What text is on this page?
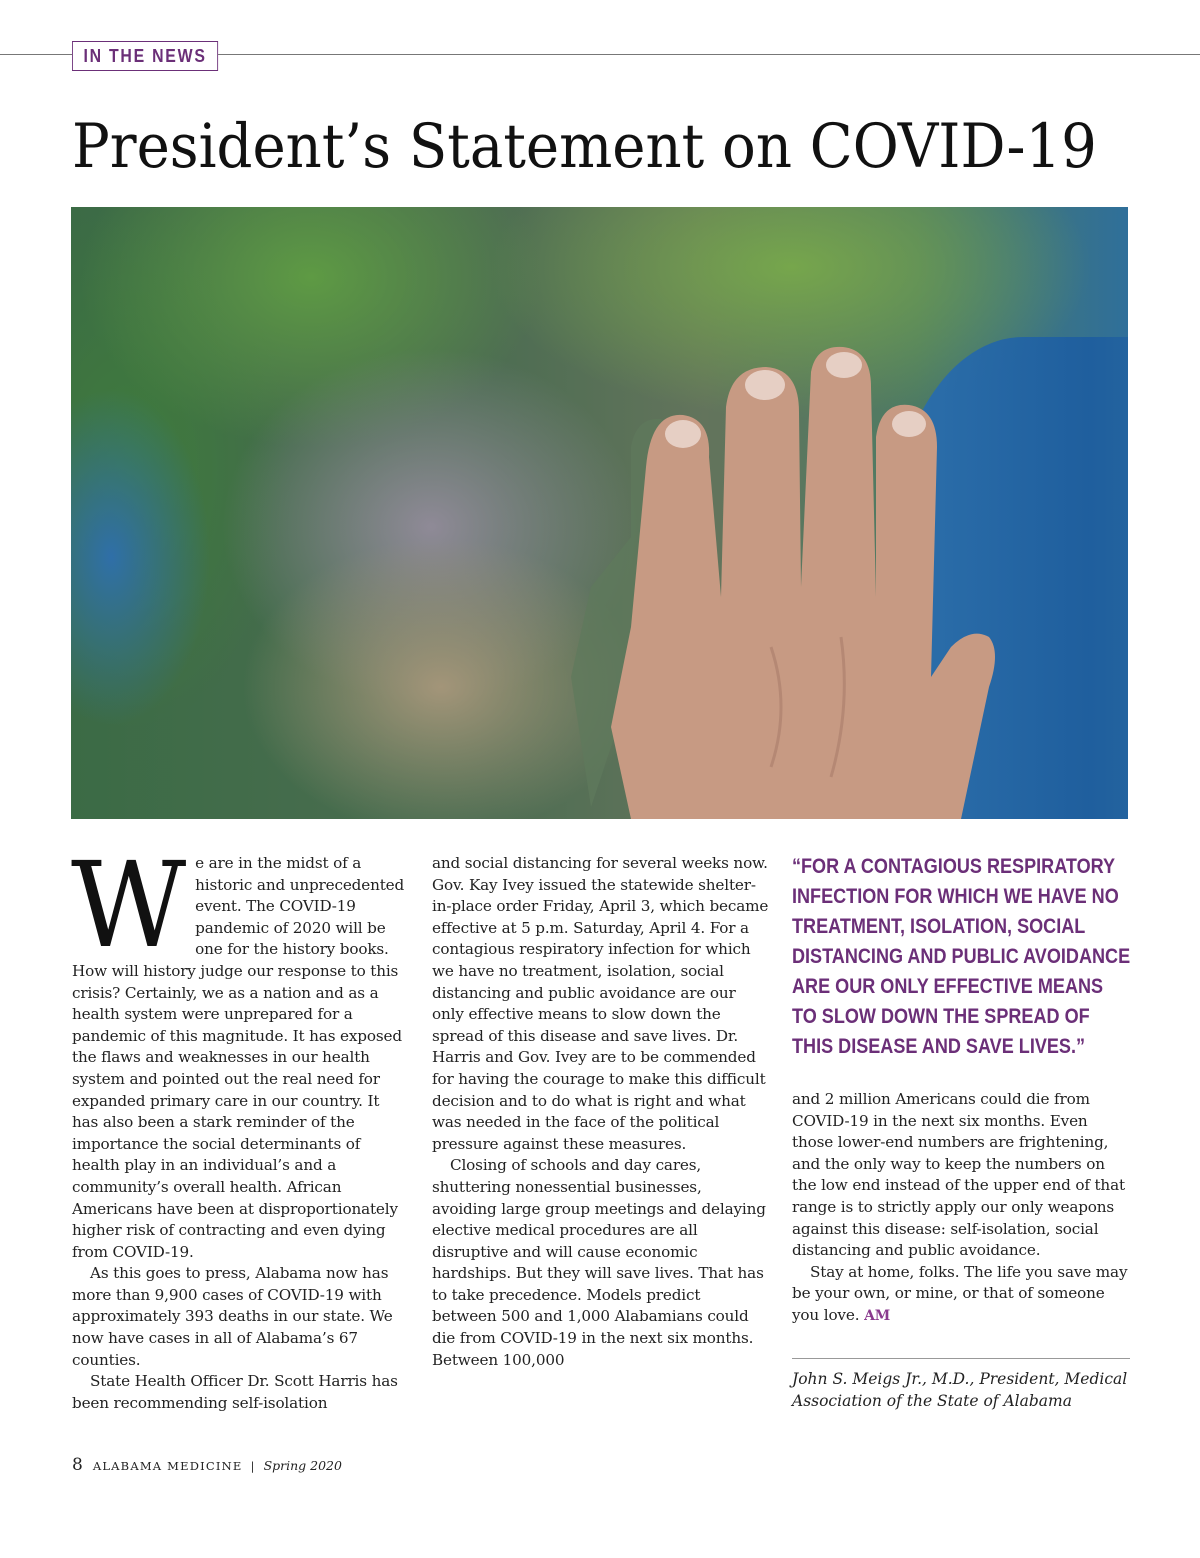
IN THE NEWS
President’s Statement on COVID-19

We are in the midst of a historic and unprecedented event. The COVID-19 pandemic of 2020 will be one for the history books. How will history judge our response to this crisis? Certainly, we as a nation and as a health system were unprepared for a pandemic of this magnitude. It has exposed the flaws and weaknesses in our health system and pointed out the real need for expanded primary care in our country. It has also been a stark reminder of the importance the social determinants of health play in an individual’s and a community’s overall health. African Americans have been at disproportionately higher risk of contracting and even dying from COVID-19.

As this goes to press, Alabama now has more than 9,900 cases of COVID-19 with approximately 393 deaths in our state. We now have cases in all of Alabama’s 67 counties.

State Health Officer Dr. Scott Harris has been recommending self-isolation

and social distancing for several weeks now. Gov. Kay Ivey issued the statewide shelter-in-place order Friday, April 3, which became effective at 5 p.m. Saturday, April 4. For a contagious respiratory infection for which we have no treatment, isolation, social distancing and public avoidance are our only effective means to slow down the spread of this disease and save lives. Dr. Harris and Gov. Ivey are to be commended for having the courage to make this difficult decision and to do what is right and what was needed in the face of the political pressure against these measures.

Closing of schools and day cares, shuttering nonessential businesses, avoiding large group meetings and delaying elective medical procedures are all disruptive and will cause economic hardships. But they will save lives. That has to take precedence. Models predict between 500 and 1,000 Alabamians could die from COVID-19 in the next six months. Between 100,000

“FOR A CONTAGIOUS RESPIRATORY INFECTION FOR WHICH WE HAVE NO TREATMENT, ISOLATION, SOCIAL DISTANCING AND PUBLIC AVOIDANCE ARE OUR ONLY EFFECTIVE MEANS TO SLOW DOWN THE SPREAD OF THIS DISEASE AND SAVE LIVES.”

and 2 million Americans could die from COVID-19 in the next six months. Even those lower-end numbers are frightening, and the only way to keep the numbers on the low end instead of the upper end of that range is to strictly apply our only weapons against this disease: self-isolation, social distancing and public avoidance.

Stay at home, folks. The life you save may be your own, or mine, or that of someone you love. AM

John S. Meigs Jr., M.D., President, Medical Association of the State of Alabama
8 ALABAMA MEDICINE | Spring 2020
